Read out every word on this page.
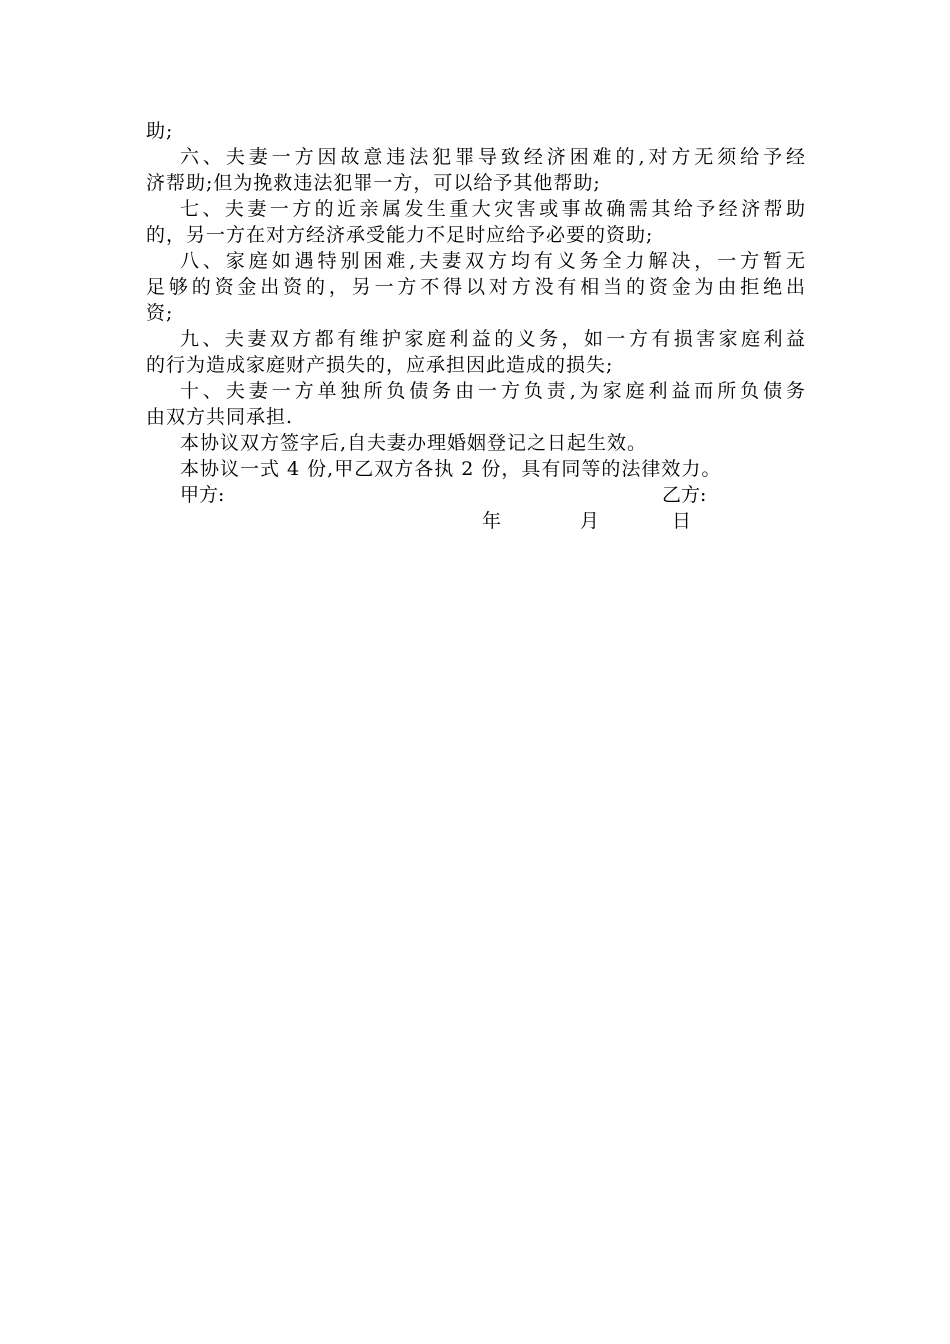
助;
六、夫妻一方因故意违法犯罪导致经济困难的,对方无须给予经
济帮助;但为挽救违法犯罪一方，可以给予其他帮助;
七、夫妻一方的近亲属发生重大灾害或事故确需其给予经济帮助
的，另一方在对方经济承受能力不足时应给予必要的资助;
八、家庭如遇特别困难,夫妻双方均有义务全力解决，一方暂无
足够的资金出资的，另一方不得以对方没有相当的资金为由拒绝出
资;
九、夫妻双方都有维护家庭利益的义务，如一方有损害家庭利益
的行为造成家庭财产损失的，应承担因此造成的损失;
十、夫妻一方单独所负债务由一方负责,为家庭利益而所负债务
由双方共同承担.
本协议双方签字后,自夫妻办理婚姻登记之日起生效。
本协议一式 4 份,甲乙双方各执 2 份，具有同等的法律效力。
甲方:	乙方:
年	月	日
